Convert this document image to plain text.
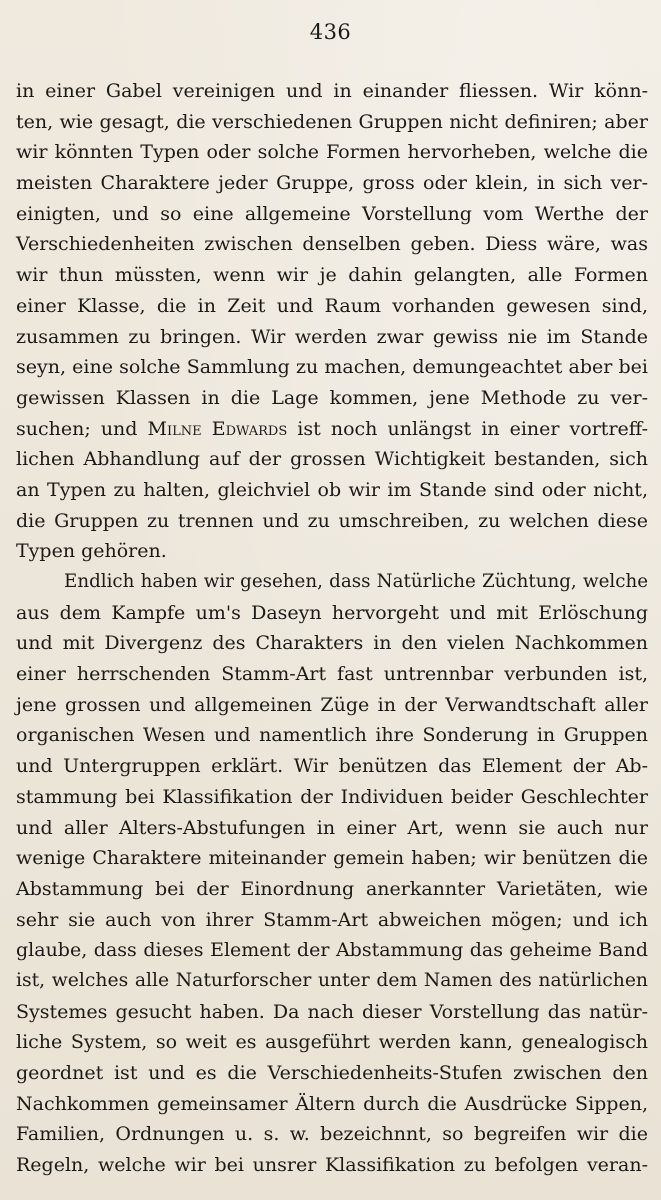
436
in einer Gabel vereinigen und in einander fliessen. Wir könn-
ten, wie gesagt, die verschiedenen Gruppen nicht definiren; aber
wir könnten Typen oder solche Formen hervorheben, welche die
meisten Charaktere jeder Gruppe, gross oder klein, in sich ver-
einigten, und so eine allgemeine Vorstellung vom Werthe der
Verschiedenheiten zwischen denselben geben. Diess wäre, was
wir thun müssten, wenn wir je dahin gelangten, alle Formen
einer Klasse, die in Zeit und Raum vorhanden gewesen sind,
zusammen zu bringen. Wir werden zwar gewiss nie im Stande
seyn, eine solche Sammlung zu machen, demungeachtet aber bei
gewissen Klassen in die Lage kommen, jene Methode zu ver-
suchen; und Milne Edwards ist noch unlängst in einer vortreff-
lichen Abhandlung auf der grossen Wichtigkeit bestanden, sich
an Typen zu halten, gleichviel ob wir im Stande sind oder nicht,
die Gruppen zu trennen und zu umschreiben, zu welchen diese
Typen gehören.
Endlich haben wir gesehen, dass Natürliche Züchtung, welche
aus dem Kampfe um's Daseyn hervorgeht und mit Erlöschung
und mit Divergenz des Charakters in den vielen Nachkommen
einer herrschenden Stamm-Art fast untrennbar verbunden ist,
jene grossen und allgemeinen Züge in der Verwandtschaft aller
organischen Wesen und namentlich ihre Sonderung in Gruppen
und Untergruppen erklärt. Wir benützen das Element der Ab-
stammung bei Klassifikation der Individuen beider Geschlechter
und aller Alters-Abstufungen in einer Art, wenn sie auch nur
wenige Charaktere miteinander gemein haben; wir benützen die
Abstammung bei der Einordnung anerkannter Varietäten, wie
sehr sie auch von ihrer Stamm-Art abweichen mögen; und ich
glaube, dass dieses Element der Abstammung das geheime Band
ist, welches alle Naturforscher unter dem Namen des natürlichen
Systemes gesucht haben. Da nach dieser Vorstellung das natür-
liche System, so weit es ausgeführt werden kann, genealogisch
geordnet ist und es die Verschiedenheits-Stufen zwischen den
Nachkommen gemeinsamer Ältern durch die Ausdrücke Sippen,
Familien, Ordnungen u. s. w. bezeichnnt, so begreifen wir die
Regeln, welche wir bei unsrer Klassifikation zu befolgen veran-
